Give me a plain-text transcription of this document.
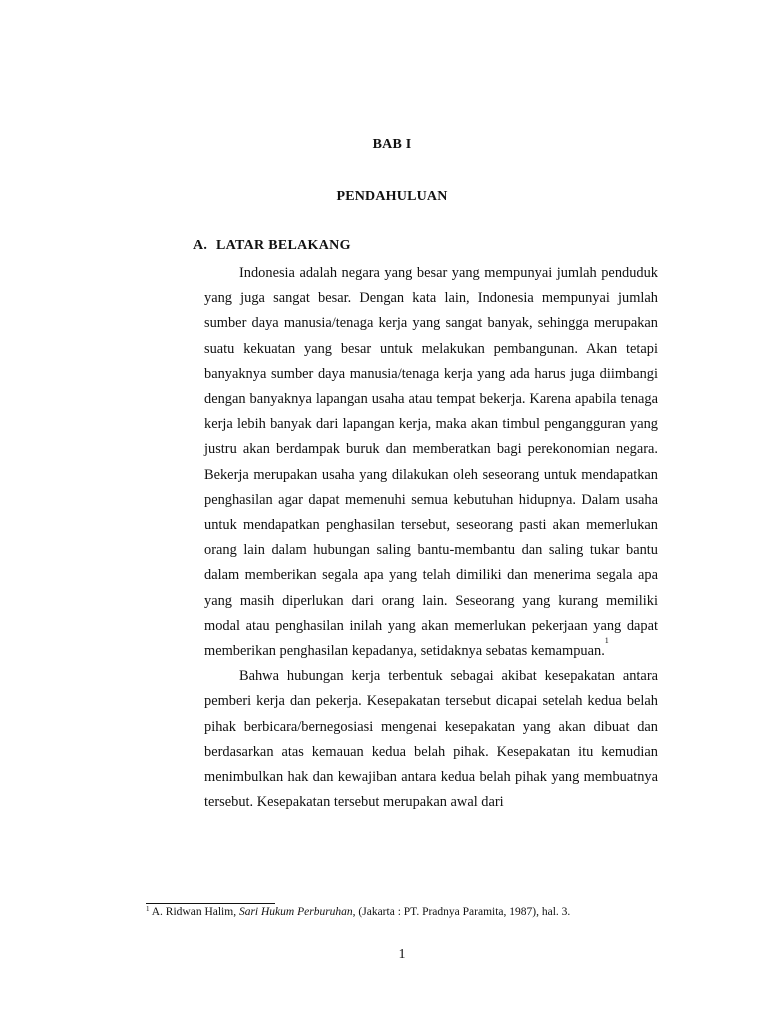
BAB I
PENDAHULUAN
A. LATAR BELAKANG

Indonesia adalah negara yang besar yang mempunyai jumlah penduduk yang juga sangat besar. Dengan kata lain, Indonesia mempunyai jumlah sumber daya manusia/tenaga kerja yang sangat banyak, sehingga merupakan suatu kekuatan yang besar untuk melakukan pembangunan. Akan tetapi banyaknya sumber daya manusia/tenaga kerja yang ada harus juga diimbangi dengan banyaknya lapangan usaha atau tempat bekerja. Karena apabila tenaga kerja lebih banyak dari lapangan kerja, maka akan timbul pengangguran yang justru akan berdampak buruk dan memberatkan bagi perekonomian negara. Bekerja merupakan usaha yang dilakukan oleh seseorang untuk mendapatkan penghasilan agar dapat memenuhi semua kebutuhan hidupnya. Dalam usaha untuk mendapatkan penghasilan tersebut, seseorang pasti akan memerlukan orang lain dalam hubungan saling bantu-membantu dan saling tukar bantu dalam memberikan segala apa yang telah dimiliki dan menerima segala apa yang masih diperlukan dari orang lain. Seseorang yang kurang memiliki modal atau penghasilan inilah yang akan memerlukan pekerjaan yang dapat memberikan penghasilan kepadanya, setidaknya sebatas kemampuan.$^1$

Bahwa hubungan kerja terbentuk sebagai akibat kesepakatan antara pemberi kerja dan pekerja. Kesepakatan tersebut dicapai setelah kedua belah pihak berbicara/bernegosiasi mengenai kesepakatan yang akan dibuat dan berdasarkan atas kemauan kedua belah pihak. Kesepakatan itu kemudian menimbulkan hak dan kewajiban antara kedua belah pihak yang membuatnya tersebut. Kesepakatan tersebut merupakan awal dari

$^1$ A. Ridwan Halim, Sari Hukum Perburuhan, (Jakarta : PT. Pradnya Paramita, 1987), hal. 3.
1
